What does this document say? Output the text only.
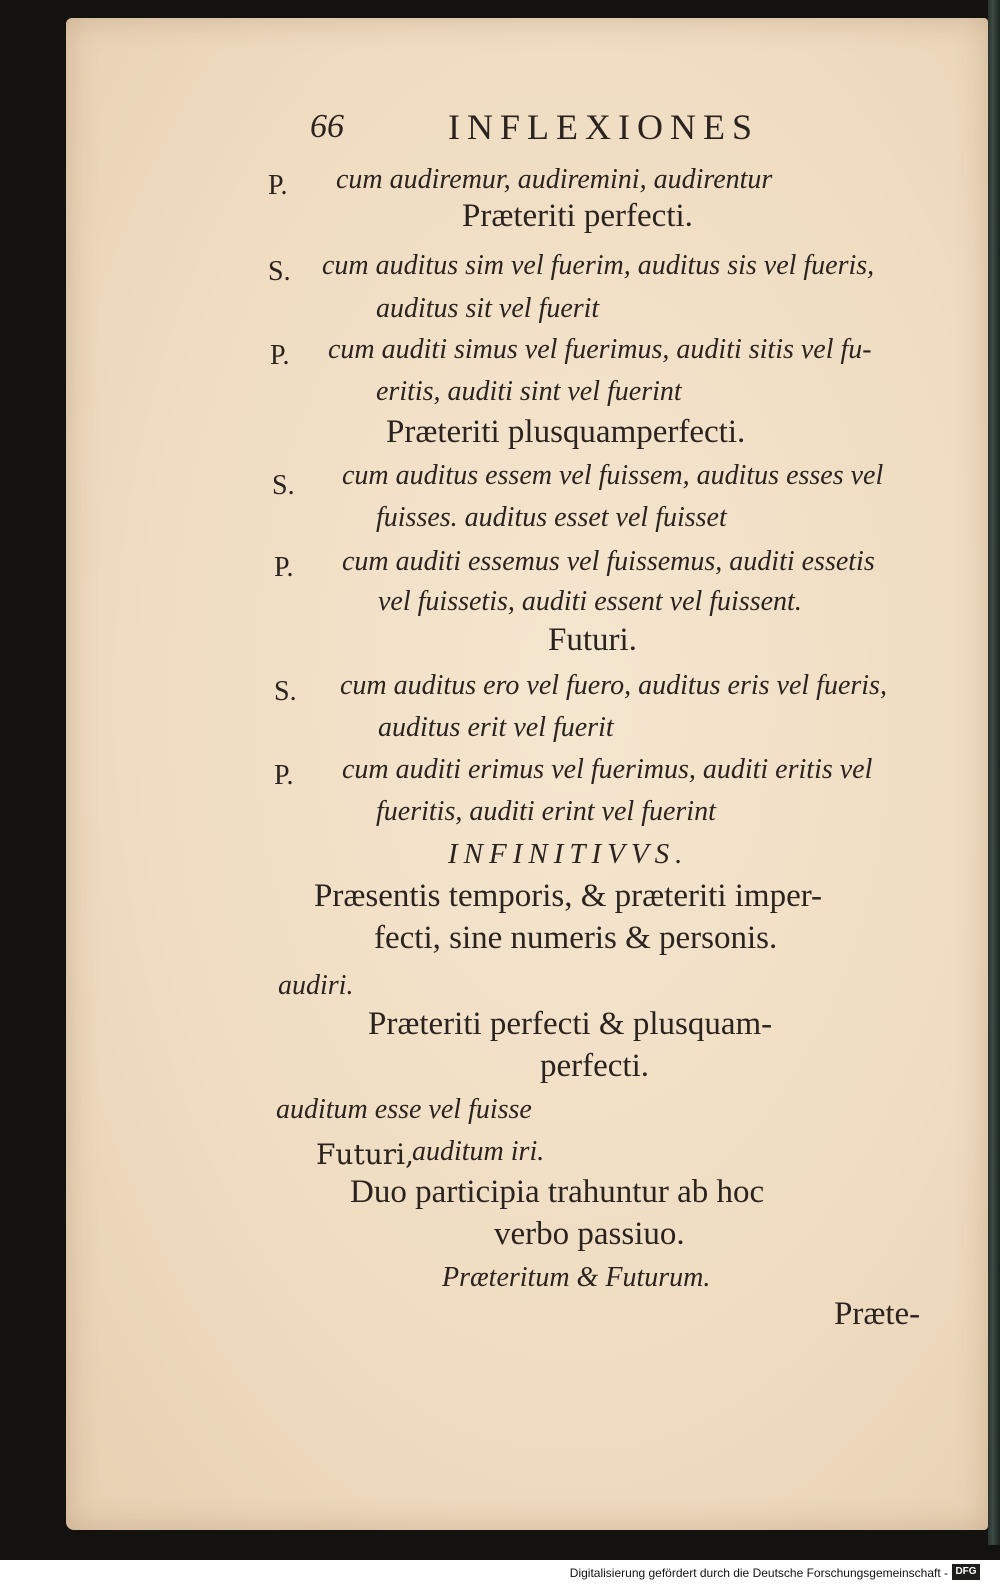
66	INFLEXIONES
P. cum audiremur, audiremini, audirentur
Præteriti perfecti.
S. cum auditus sim vel fuerim, auditus sis vel fueris,
auditus sit vel fuerit
P. cum auditi simus vel fuerimus, auditi sitis vel fu-
eritis, auditi sint vel fuerint
Præteriti plusquamperfecti.
S. cum auditus essem vel fuissem, auditus esses vel
fuisses. auditus esset vel fuisset
P. cum auditi essemus vel fuissemus, auditi essetis
vel fuissetis, auditi essent vel fuissent.
Futuri.
S. cum auditus ero vel fuero, auditus eris vel fueris,
auditus erit vel fuerit
P. cum auditi erimus vel fuerimus, auditi eritis vel
fueritis, auditi erint vel fuerint
INFINITIVVS.
Præsentis temporis, & præteriti imper-
fecti, sine numeris & personis.
audiri.
Præteriti perfecti & plusquam-
perfecti.
auditum esse vel fuisse
Futuri,
auditum iri.
Duo participia trahuntur ab hoc
verbo passiuo.
Præteritum & Futurum.
Præte-
Digitalisierung gefördert durch die Deutsche Forschungsgemeinschaft - DFG
